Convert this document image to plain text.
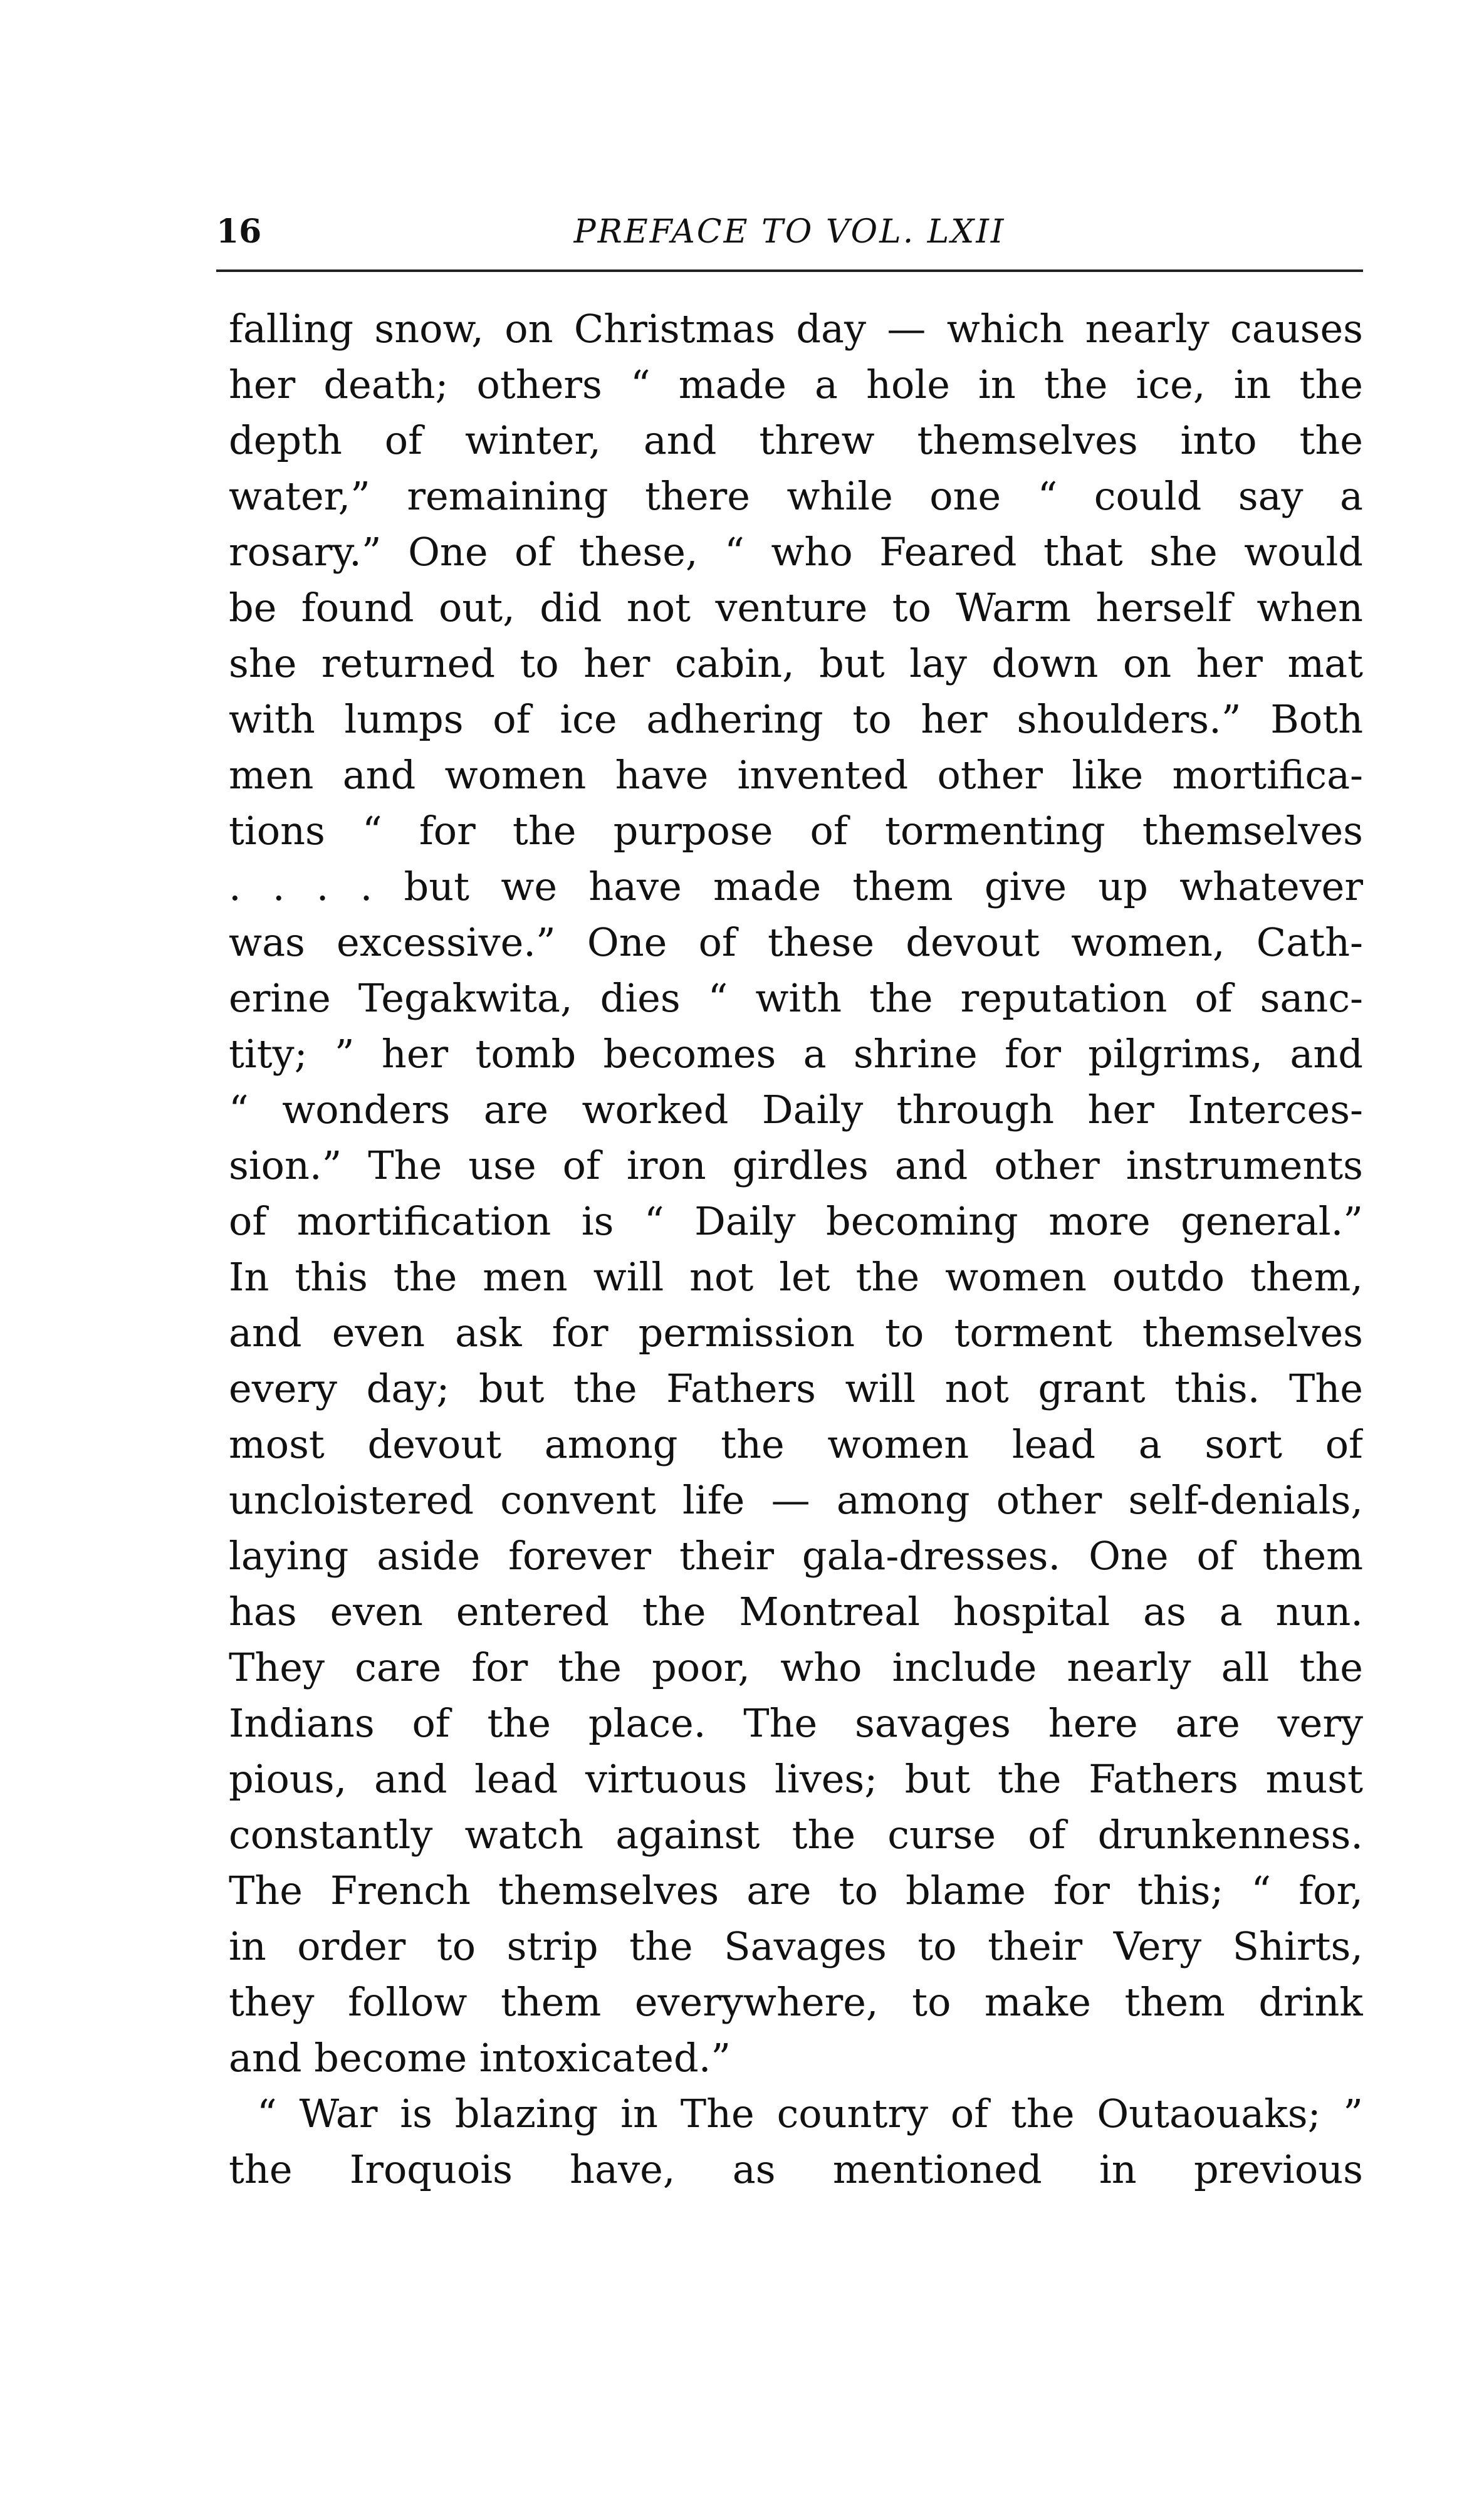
16	PREFACE TO VOL. LXII
falling snow, on Christmas day — which nearly causes
her death; others “ made a hole in the ice, in the
depth of winter, and threw themselves into the
water,” remaining there while one “ could say a
rosary.” One of these, “ who Feared that she would
be found out, did not venture to Warm herself when
she returned to her cabin, but lay down on her mat
with lumps of ice adhering to her shoulders.” Both
men and women have invented other like mortifica-
tions “ for the purpose of tormenting themselves
. . . . but we have made them give up whatever
was excessive.” One of these devout women, Cath-
erine Tegakwita, dies “ with the reputation of sanc-
tity; ” her tomb becomes a shrine for pilgrims, and
“ wonders are worked Daily through her Interces-
sion.” The use of iron girdles and other instruments
of mortification is “ Daily becoming more general.”
In this the men will not let the women outdo them,
and even ask for permission to torment themselves
every day; but the Fathers will not grant this. The
most devout among the women lead a sort of
uncloistered convent life — among other self-denials,
laying aside forever their gala-dresses. One of them
has even entered the Montreal hospital as a nun.
They care for the poor, who include nearly all the
Indians of the place. The savages here are very
pious, and lead virtuous lives; but the Fathers must
constantly watch against the curse of drunkenness.
The French themselves are to blame for this; “ for,
in order to strip the Savages to their Very Shirts,
they follow them everywhere, to make them drink
and become intoxicated.”
“ War is blazing in The country of the Outaouaks; ”
the Iroquois have, as mentioned in previous
